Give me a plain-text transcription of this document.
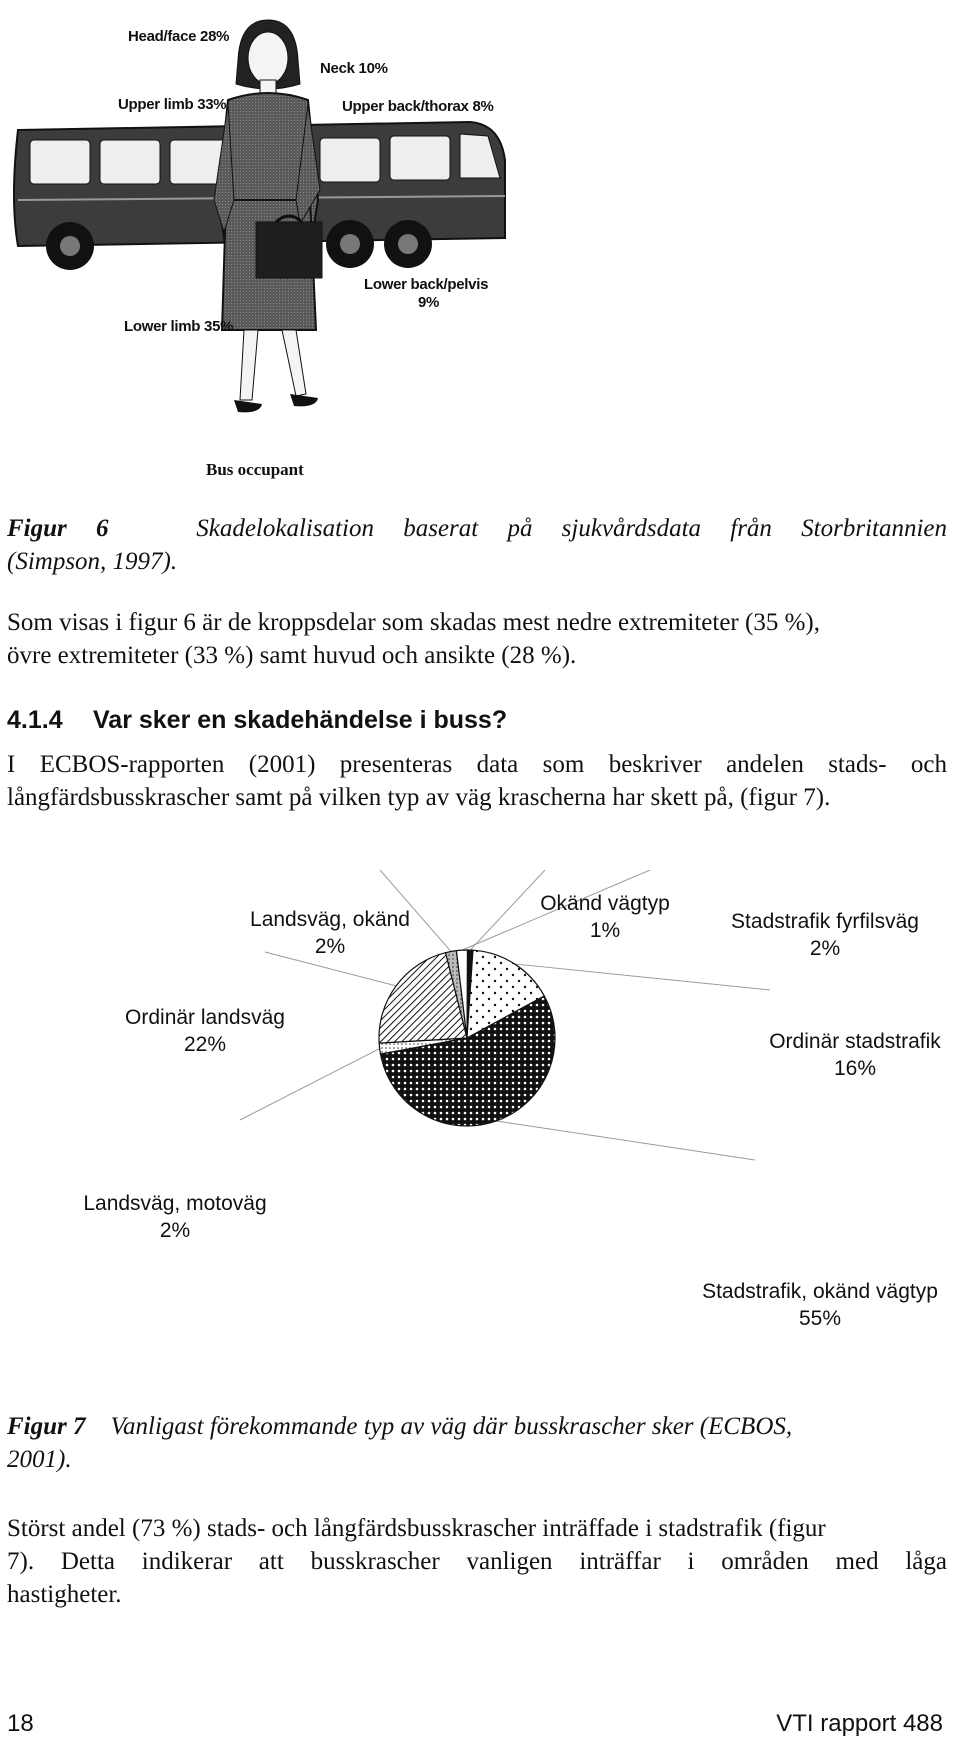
Head/face 28%
Neck 10%
Upper limb 33%	Upper back/thorax 8%
Lower back/pelvis
9%
Lower limb 35%
Bus occupant
Figur 6	Skadelokalisation baserat på sjukvårdsdata från Storbritannien
(Simpson, 1997).
Som visas i figur 6 är de kroppsdelar som skadas mest nedre extremiteter (35 %),
övre extremiteter (33 %) samt huvud och ansikte (28 %).
4.1.4 Var sker en skadehändelse i buss?
I ECBOS-rapporten (2001) presenteras data som beskriver andelen stads- och
långfärdsbusskrascher samt på vilken typ av väg krascherna har skett på, (figur 7).
Landsväg, okänd
2%
Okänd vägtyp
1%	Stadstrafik fyrfilsväg
2%
Ordinär landsväg
22%	Ordinär stadstrafik
16%
Landsväg, motoväg
2%
Stadstrafik, okänd vägtyp
55%
Figur 7 Vanligast förekommande typ av väg där busskrascher sker (ECBOS,
2001).
Störst andel (73 %) stads- och långfärdsbusskrascher inträffade i stadstrafik (figur
7). Detta indikerar att busskrascher vanligen inträffar i områden med låga
hastigheter.
18	VTI rapport 488
